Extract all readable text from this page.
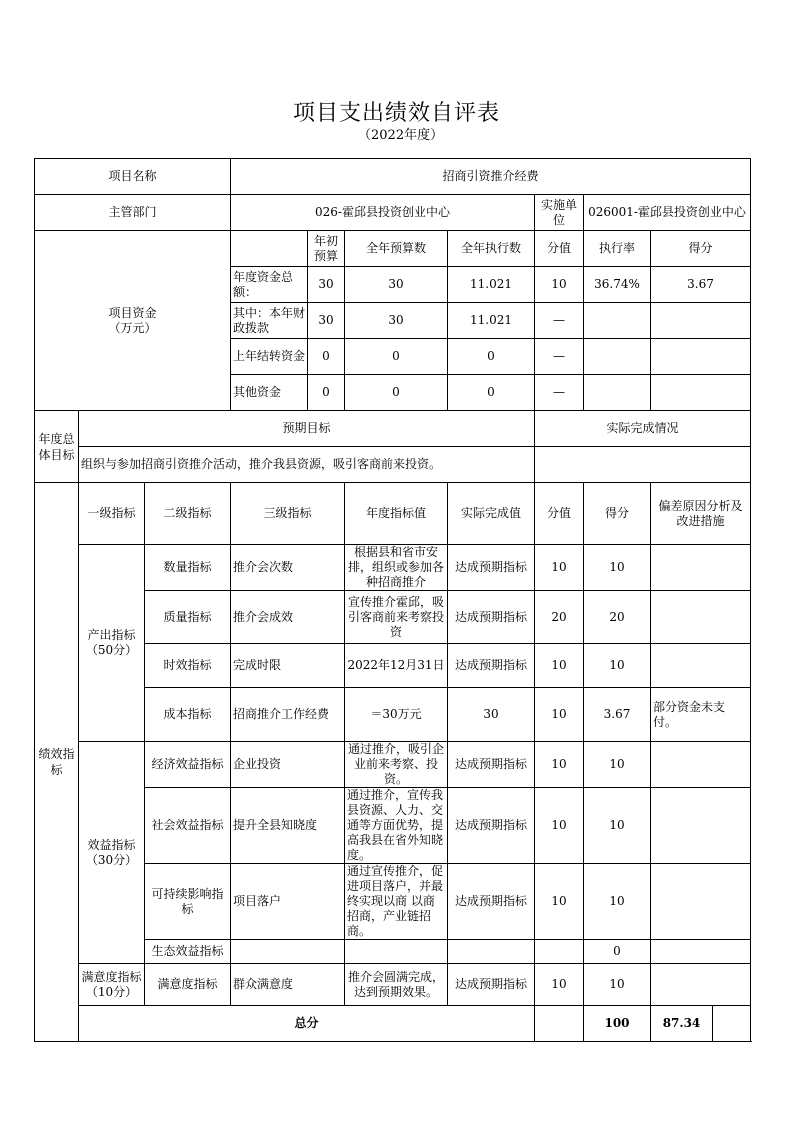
项目支出绩效自评表
（2022年度）
项目名称			招商引资推介经费							
主管部门			026-霍邱县投资创业中心				实施单位	026001-霍邱县投资创业中心		

项目资金
（万元）				年初预算	全年预算数	全年执行数	分值	执行率	得分	
			年度资金总额：	30	30	11.021	10	36.74%	3.67	
			其中：本年财政拨款	30	30	11.021	—			
			上年结转资金	0	0	0	—			
			其他资金	0	0	0	—			
年度总体目标	预期目标						实际完成情况			
	组织与参加招商引资推介活动，推介我县资源，吸引客商前来投资。									
绩效指标	一级指标	二级指标	三级指标		年度指标值	实际完成值	分值	得分	偏差原因分析及改进措施	
	产出指标（50分）	数量指标	推介会次数		根据县和省市安排，组织或参加各种招商推介	达成预期指标	10	10		
		质量指标	推介会成效		宣传推介霍邱，吸引客商前来考察投资	达成预期指标	20	20		
		时效指标	完成时限		2022年12月31日	达成预期指标	10	10		
		成本指标	招商推介工作经费		＝30万元	30	10	3.67	部分资金未支付。	
	效益指标（30分）	经济效益指标	企业投资		通过推介，吸引企业前来考察、投资。	达成预期指标	10	10		
		社会效益指标	提升全县知晓度		通过推介，宣传我县资源、人力、交通等方面优势，提高我县在省外知晓度。	达成预期指标	10	10		
		可持续影响指标	项目落户		通过宣传推介，促进项目落户，并最终实现以商 以商招商，产业链招商。	达成预期指标	10	10		
		生态效益指标						0		
	满意度指标（10分）	满意度指标	群众满意度		推介会圆满完成，达到预期效果。	达成预期指标	10	10		
	总分							100	87.34	
